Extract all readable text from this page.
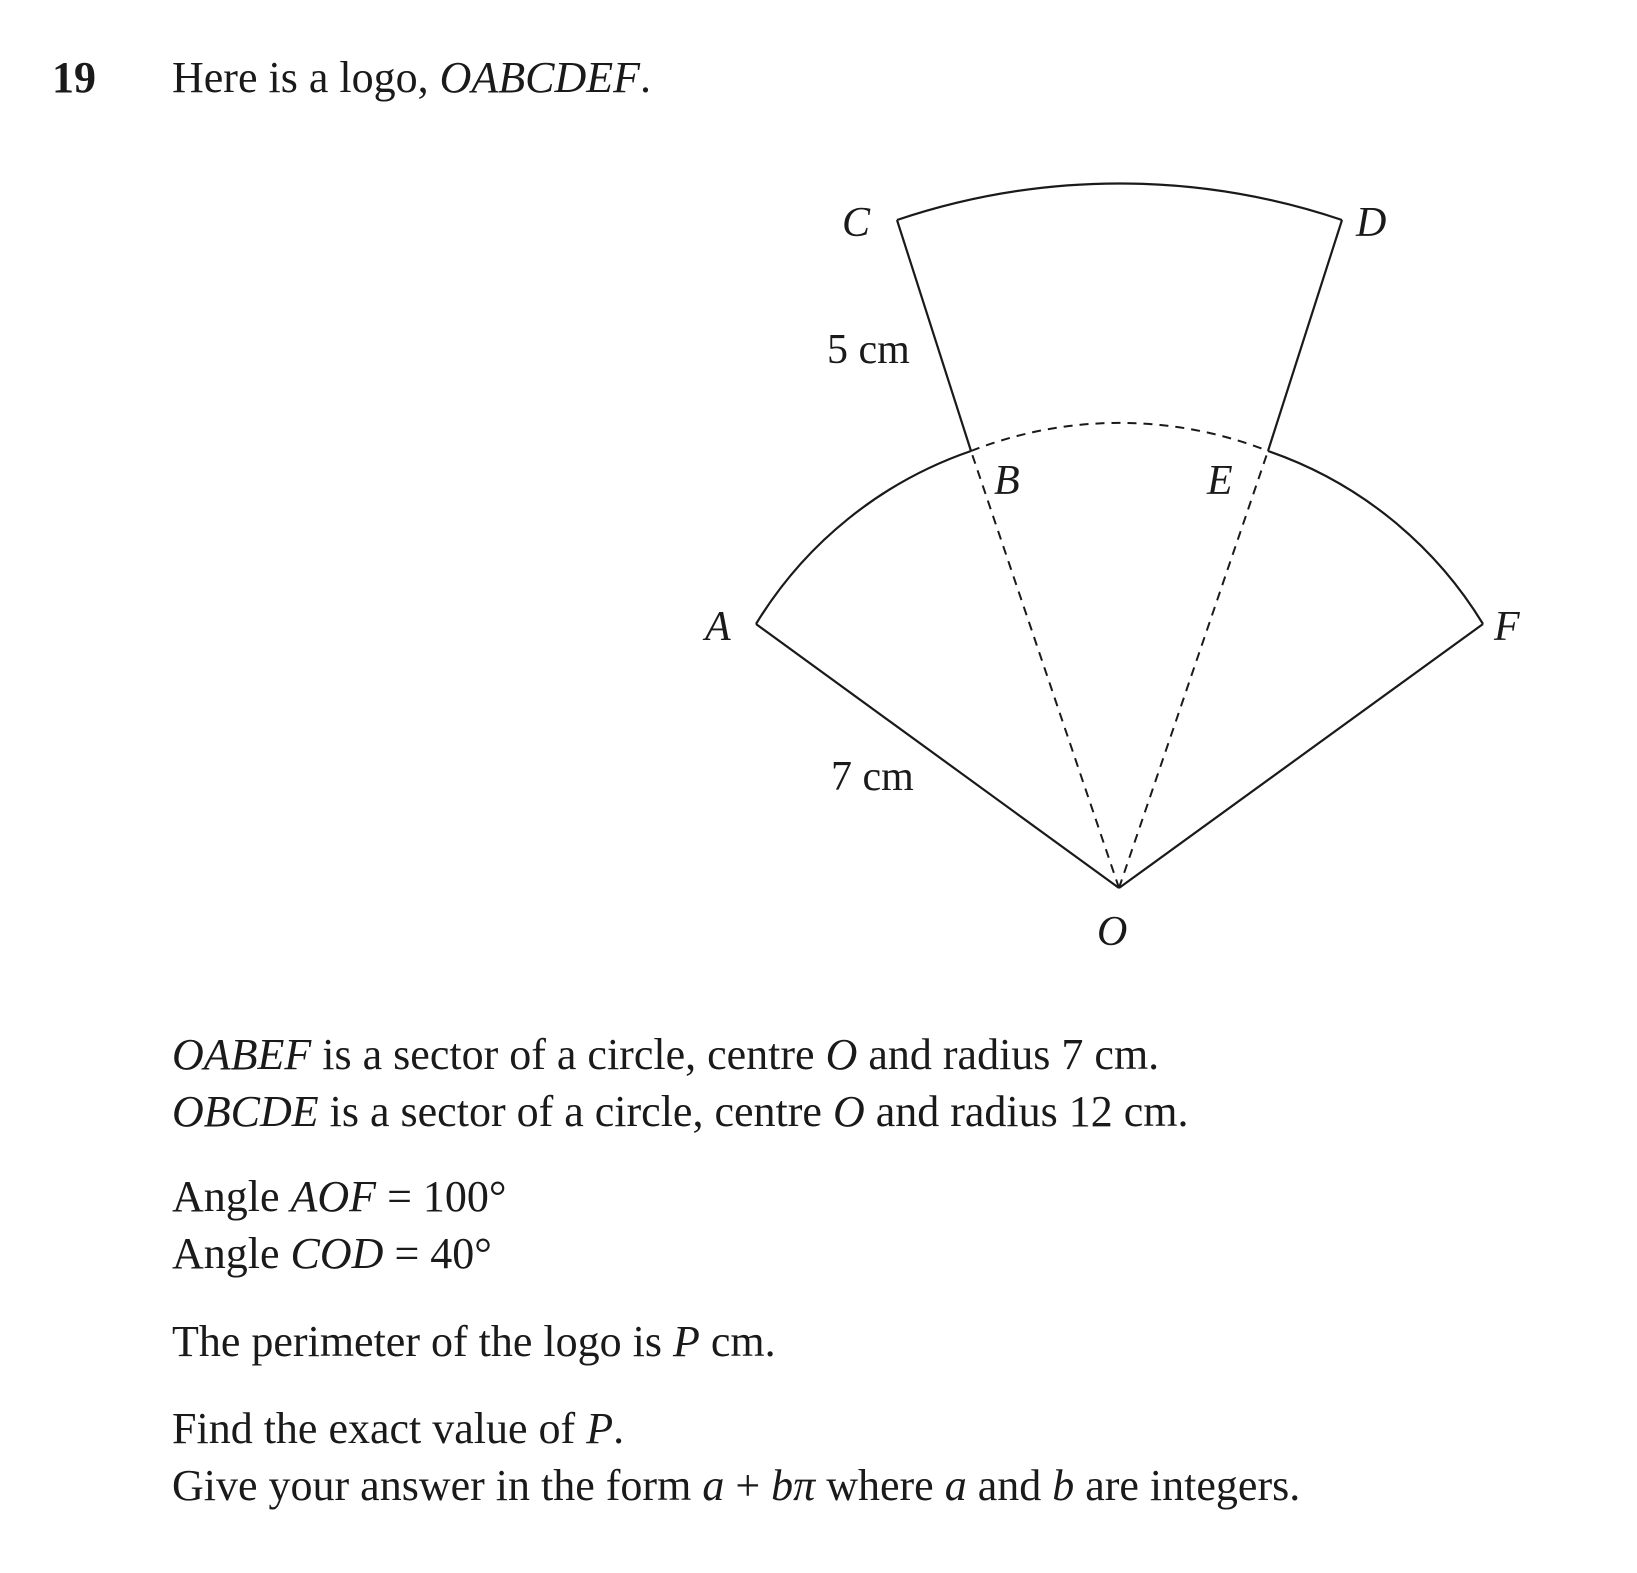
19 Here is a logo, OABCDEF.
C	D
B	E
A	F
O
5 cm
7 cm
OABEF is a sector of a circle, centre O and radius 7 cm.
OBCDE is a sector of a circle, centre O and radius 12 cm.
Angle AOF = 100°
Angle COD = 40°
The perimeter of the logo is P cm.
Find the exact value of P.
Give your answer in the form a + bπ where a and b are integers.
